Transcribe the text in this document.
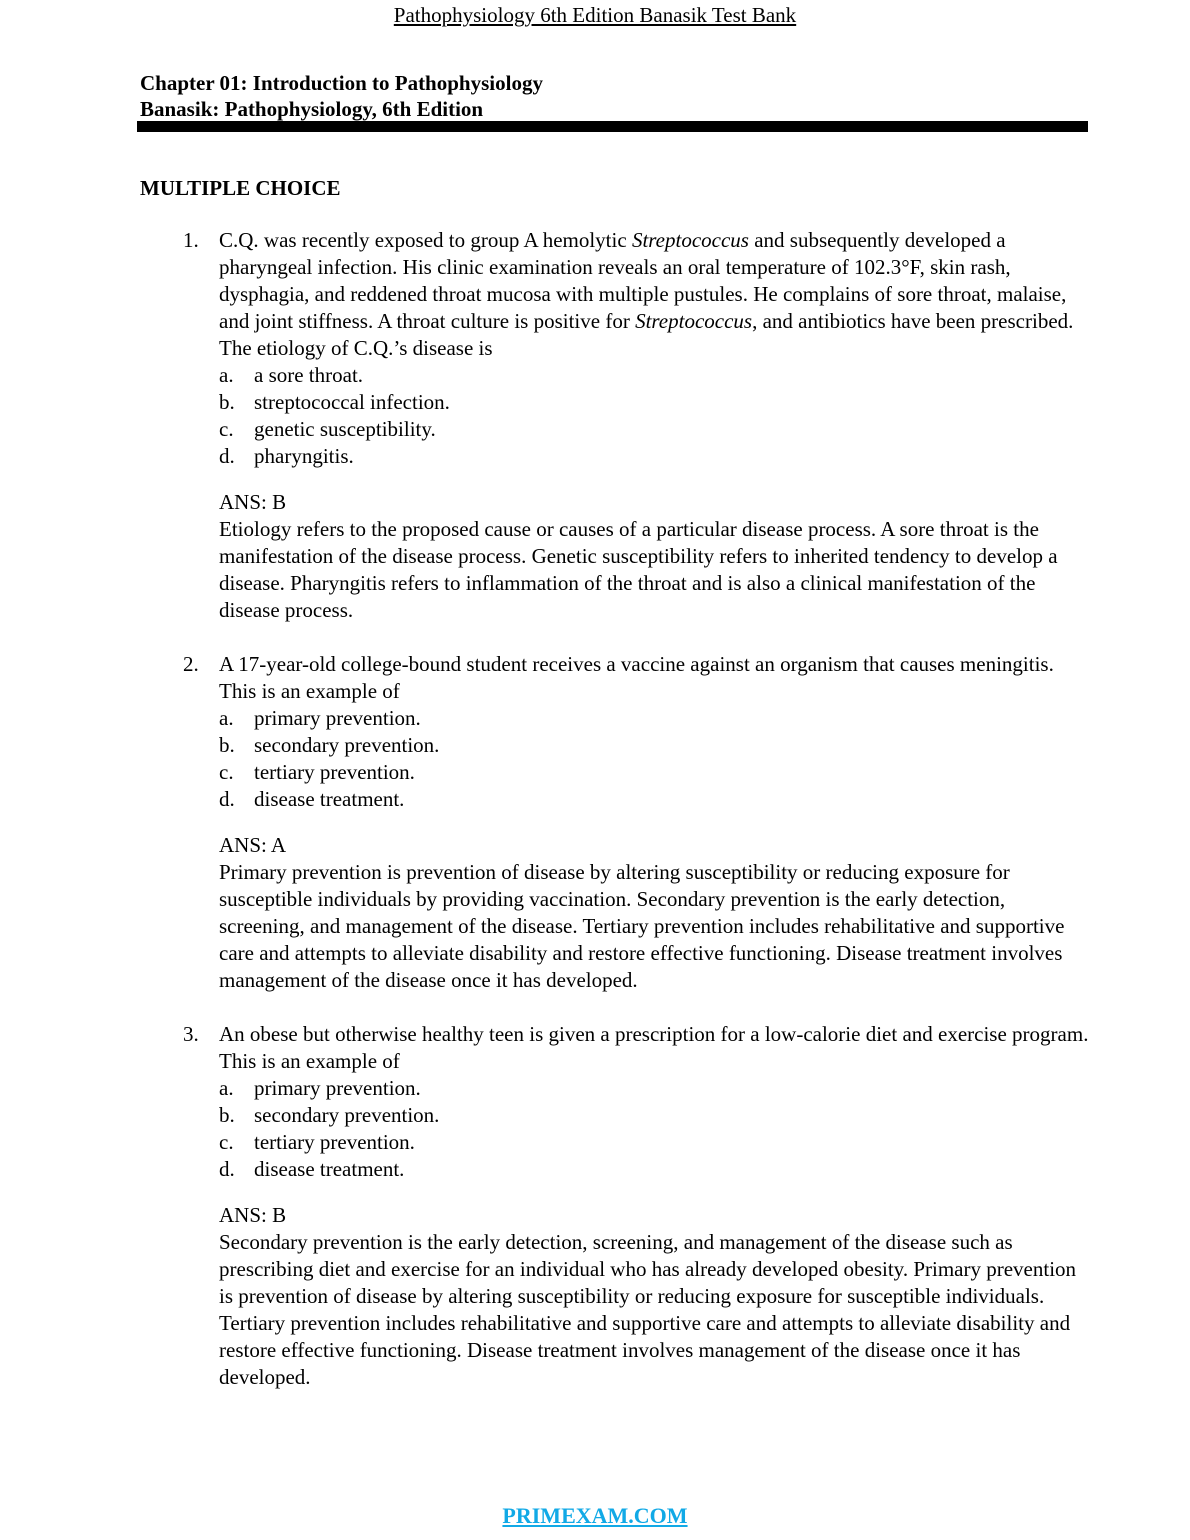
Pathophysiology 6th Edition Banasik Test Bank

Chapter 01: Introduction to Pathophysiology

Banasik: Pathophysiology, 6th Edition

MULTIPLE CHOICE
1. C.Q. was recently exposed to group A hemolytic Streptococcus and subsequently developed a pharyngeal infection. His clinic examination reveals an oral temperature of 102.3°F, skin rash, dysphagia, and reddened throat mucosa with multiple pustules. He complains of sore throat, malaise, and joint stiffness. A throat culture is positive for Streptococcus, and antibiotics have been prescribed. The etiology of C.Q.’s disease is
a. a sore throat.
b. streptococcal infection.
c. genetic susceptibility.
d. pharyngitis.
ANS: B
Etiology refers to the proposed cause or causes of a particular disease process. A sore throat is the manifestation of the disease process. Genetic susceptibility refers to inherited tendency to develop a disease. Pharyngitis refers to inflammation of the throat and is also a clinical manifestation of the disease process.
2. A 17-year-old college-bound student receives a vaccine against an organism that causes meningitis. This is an example of
a. primary prevention.
b. secondary prevention.
c. tertiary prevention.
d. disease treatment.
ANS: A
Primary prevention is prevention of disease by altering susceptibility or reducing exposure for susceptible individuals by providing vaccination. Secondary prevention is the early detection, screening, and management of the disease. Tertiary prevention includes rehabilitative and supportive care and attempts to alleviate disability and restore effective functioning. Disease treatment involves management of the disease once it has developed.
3. An obese but otherwise healthy teen is given a prescription for a low-calorie diet and exercise program. This is an example of
a. primary prevention.
b. secondary prevention.
c. tertiary prevention.
d. disease treatment.
ANS: B
Secondary prevention is the early detection, screening, and management of the disease such as prescribing diet and exercise for an individual who has already developed obesity. Primary prevention is prevention of disease by altering susceptibility or reducing exposure for susceptible individuals. Tertiary prevention includes rehabilitative and supportive care and attempts to alleviate disability and restore effective functioning. Disease treatment involves management of the disease once it has developed.
PRIMEXAM.COM
